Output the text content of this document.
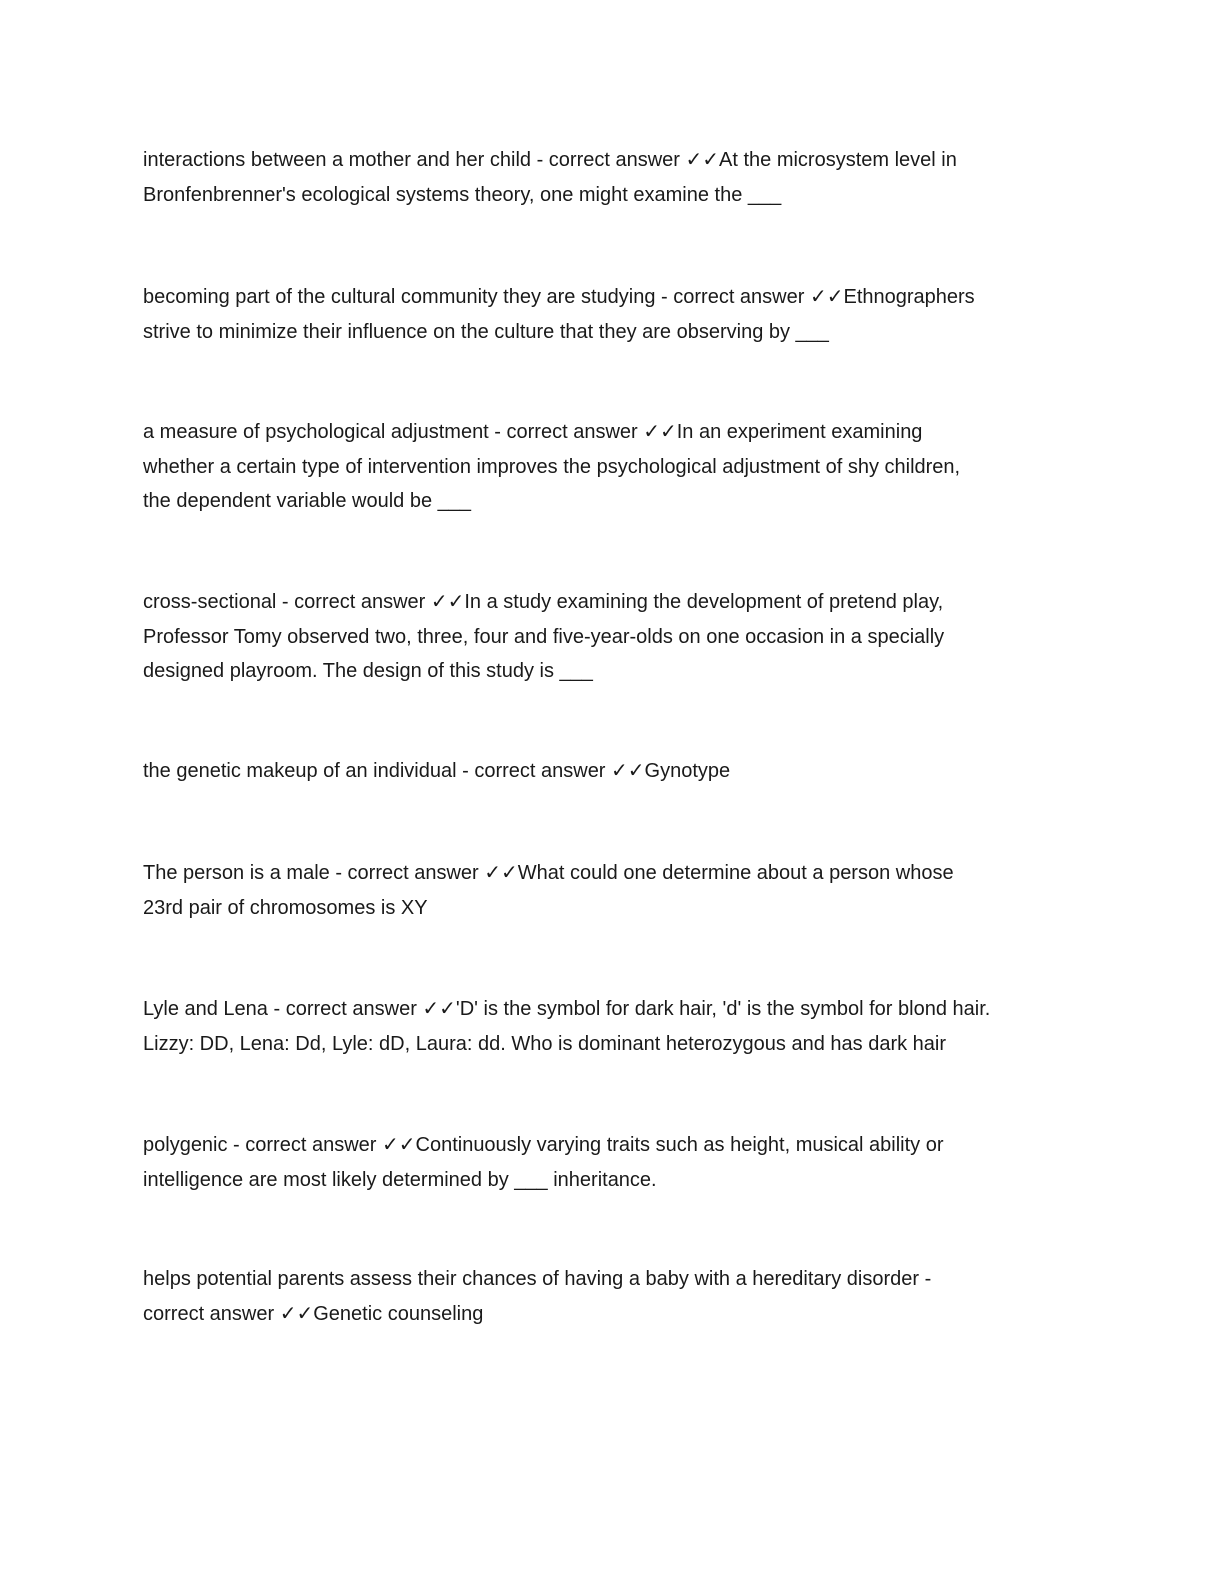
interactions between a mother and her child - correct answer ✓✓At the microsystem level in
Bronfenbrenner's ecological systems theory, one might examine the ___

becoming part of the cultural community they are studying - correct answer ✓✓Ethnographers
strive to minimize their influence on the culture that they are observing by ___

a measure of psychological adjustment - correct answer ✓✓In an experiment examining
whether a certain type of intervention improves the psychological adjustment of shy children,
the dependent variable would be ___

cross-sectional - correct answer ✓✓In a study examining the development of pretend play,
Professor Tomy observed two, three, four and five-year-olds on one occasion in a specially
designed playroom. The design of this study is ___

the genetic makeup of an individual - correct answer ✓✓Gynotype

The person is a male - correct answer ✓✓What could one determine about a person whose
23rd pair of chromosomes is XY

Lyle and Lena - correct answer ✓✓'D' is the symbol for dark hair, 'd' is the symbol for blond hair.
Lizzy: DD, Lena: Dd, Lyle: dD, Laura: dd. Who is dominant heterozygous and has dark hair

polygenic - correct answer ✓✓Continuously varying traits such as height, musical ability or
intelligence are most likely determined by ___ inheritance.

helps potential parents assess their chances of having a baby with a hereditary disorder -
correct answer ✓✓Genetic counseling
